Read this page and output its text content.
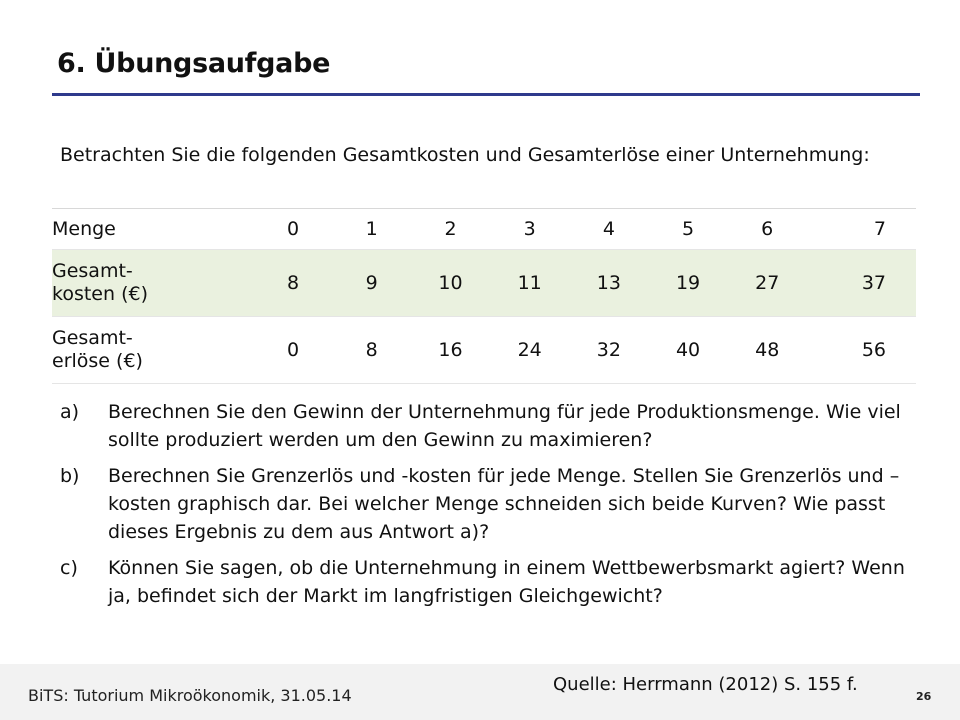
6. Übungsaufgabe
Betrachten Sie die folgenden Gesamtkosten und Gesamterlöse einer Unternehmung:
Menge	0	1	2	3	4	5	6	7
Gesamt-
kosten (€)	8	9	10	11	13	19	27	37
Gesamt-
erlöse (€)	0	8	16	24	32	40	48	56
a) Berechnen Sie den Gewinn der Unternehmung für jede Produktionsmenge. Wie viel sollte produziert werden um den Gewinn zu maximieren?
b) Berechnen Sie Grenzerlös und -kosten für jede Menge. Stellen Sie Grenzerlös und –kosten graphisch dar. Bei welcher Menge schneiden sich beide Kurven? Wie passt dieses Ergebnis zu dem aus Antwort a)?
c) Können Sie sagen, ob die Unternehmung in einem Wettbewerbsmarkt agiert? Wenn ja, befindet sich der Markt im langfristigen Gleichgewicht?
BiTS: Tutorium Mikroökonomik, 31.05.14
Quelle: Herrmann (2012) S. 155 f.
26
